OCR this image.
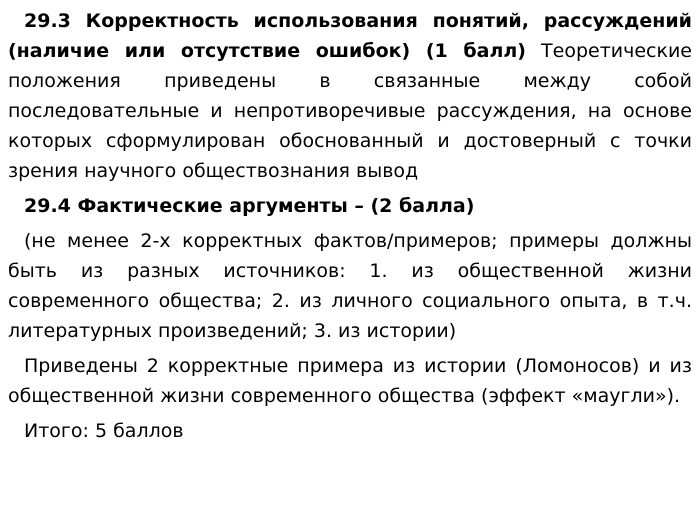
29.3 Корректность использования понятий, рассуждений (наличие или отсутствие ошибок) (1 балл) Теоретические положения приведены в связанные между собой последовательные и непротиворечивые рассуждения, на основе которых сформулирован обоснованный и достоверный с точки зрения научного обществознания вывод

29.4 Фактические аргументы – (2 балла)

(не менее 2-х корректных фактов/примеров; примеры должны быть из разных источников: 1. из общественной жизни современного общества; 2. из личного социального опыта, в т.ч. литературных произведений; 3. из истории)

Приведены 2 корректные примера из истории (Ломоносов) и из общественной жизни современного общества (эффект «маугли»).

Итого: 5 баллов
